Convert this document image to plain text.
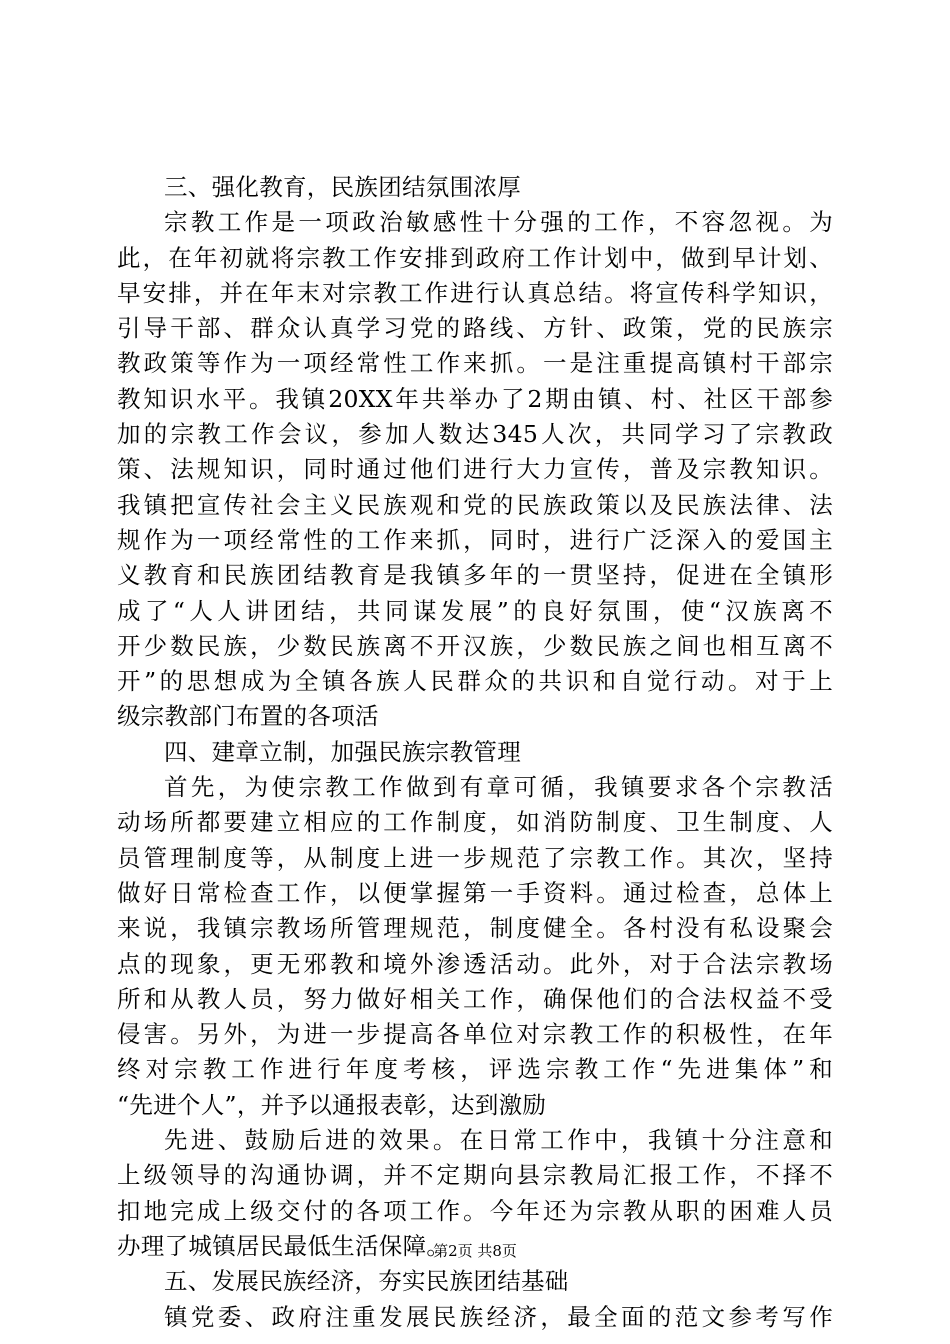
三、强化教育，民族团结氛围浓厚
宗教工作是一项政治敏感性十分强的工作，不容忽视。为
此，在年初就将宗教工作安排到政府工作计划中，做到早计划、
早安排，并在年末对宗教工作进行认真总结。将宣传科学知识，
引导干部、群众认真学习党的路线、方针、政策，党的民族宗
教政策等作为一项经常性工作来抓。一是注重提高镇村干部宗
教知识水平。我镇20XX年共举办了2期由镇、村、社区干部参
加的宗教工作会议，参加人数达345人次，共同学习了宗教政
策、法规知识，同时通过他们进行大力宣传，普及宗教知识。
我镇把宣传社会主义民族观和党的民族政策以及民族法律、法
规作为一项经常性的工作来抓，同时，进行广泛深入的爱国主
义教育和民族团结教育是我镇多年的一贯坚持，促进在全镇形
成了“人人讲团结，共同谋发展”的良好氛围，使“汉族离不
开少数民族，少数民族离不开汉族，少数民族之间也相互离不
开”的思想成为全镇各族人民群众的共识和自觉行动。对于上
级宗教部门布置的各项活
四、建章立制，加强民族宗教管理
首先，为使宗教工作做到有章可循，我镇要求各个宗教活
动场所都要建立相应的工作制度，如消防制度、卫生制度、人
员管理制度等，从制度上进一步规范了宗教工作。其次，坚持
做好日常检查工作，以便掌握第一手资料。通过检查，总体上
来说，我镇宗教场所管理规范，制度健全。各村没有私设聚会
点的现象，更无邪教和境外渗透活动。此外，对于合法宗教场
所和从教人员，努力做好相关工作，确保他们的合法权益不受
侵害。另外，为进一步提高各单位对宗教工作的积极性，在年
终对宗教工作进行年度考核，评选宗教工作“先进集体”和
“先进个人”，并予以通报表彰，达到激励
先进、鼓励后进的效果。在日常工作中，我镇十分注意和
上级领导的沟通协调，并不定期向县宗教局汇报工作，不择不
扣地完成上级交付的各项工作。今年还为宗教从职的困难人员
办理了城镇居民最低生活保障。
五、发展民族经济，夯实民族团结基础
镇党委、政府注重发展民族经济，最全面的范文参考写作
第2页 共8页
